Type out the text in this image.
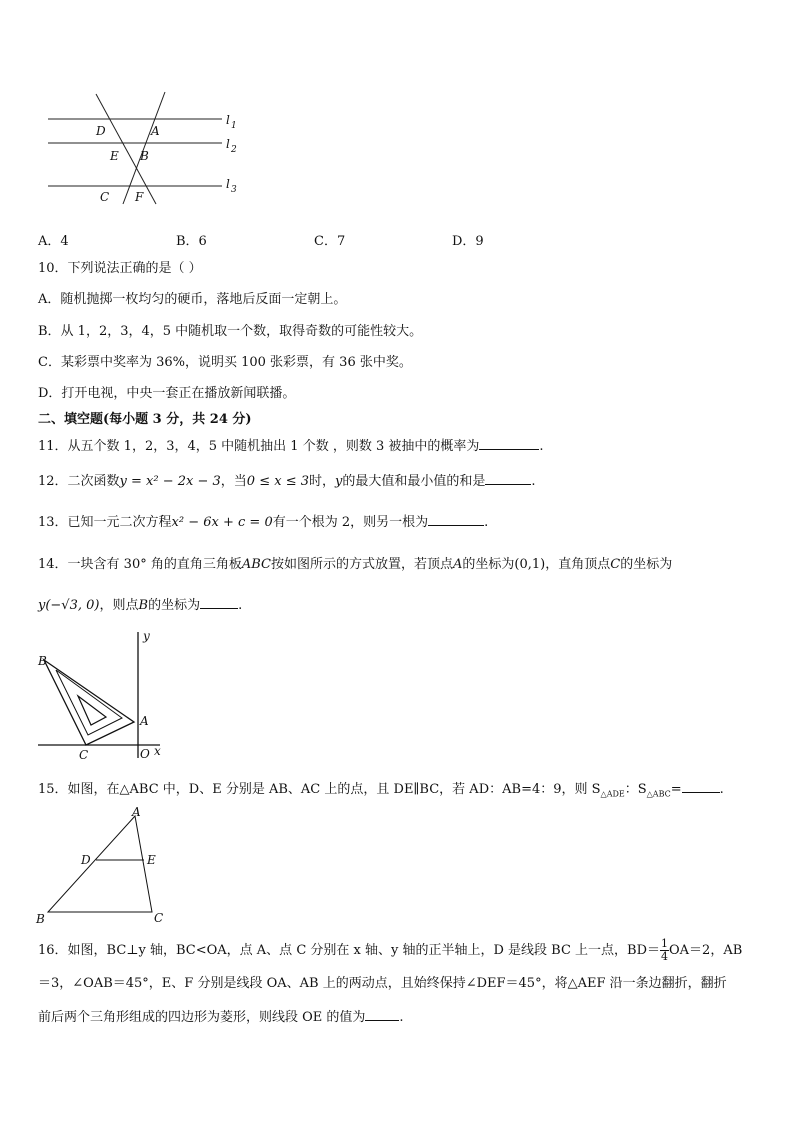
D	A
E B
C F
l 1
l 2
l 3
A．4	B．6	C．7	D．9
10．下列说法正确的是（ ）
A．随机抛掷一枚均匀的硬币，落地后反面一定朝上。
B．从 1，2，3，4，5 中随机取一个数，取得奇数的可能性较大。
C．某彩票中奖率为 36%，说明买 100 张彩票，有 36 张中奖。
D．打开电视，中央一套正在播放新闻联播。
二、填空题(每小题 3 分，共 24 分)
11．从五个数 1，2，3，4，5 中随机抽出 1 个数 ，则数 3 被抽中的概率为	.
12．二次函数y = x² − 2x − 3，当0 ≤ x ≤ 3时，y的最大值和最小值的和是	.
13．已知一元二次方程x² − 6x + c = 0有一个根为 2，则另一根为	.
14．一块含有 30° 角的直角三角板ABC按如图所示的方式放置，若顶点A的坐标为(0,1)，直角顶点C的坐标为
y(−√3, 0)，则点B的坐标为	.
y
B
A
C	O x
15．如图，在△ABC 中，D、E 分别是 AB、AC 上的点，且 DE∥BC，若 AD：AB=4：9，则 $S_{\triangle ADE}$：$S_{\triangle ABC}=$	.
A
D	E
B	C
16．如图，BC⊥y 轴，BC<OA，点 A、点 C 分别在 x 轴、y 轴的正半轴上，D 是线段 BC 上一点，$BD= \frac{1}{4} OA=2$，AB
＝3，∠OAB＝45°，E、F 分别是线段 OA、AB 上的两动点，且始终保持∠DEF＝45°，将△AEF 沿一条边翻折，翻折
前后两个三角形组成的四边形为菱形，则线段 OE 的值为	.
